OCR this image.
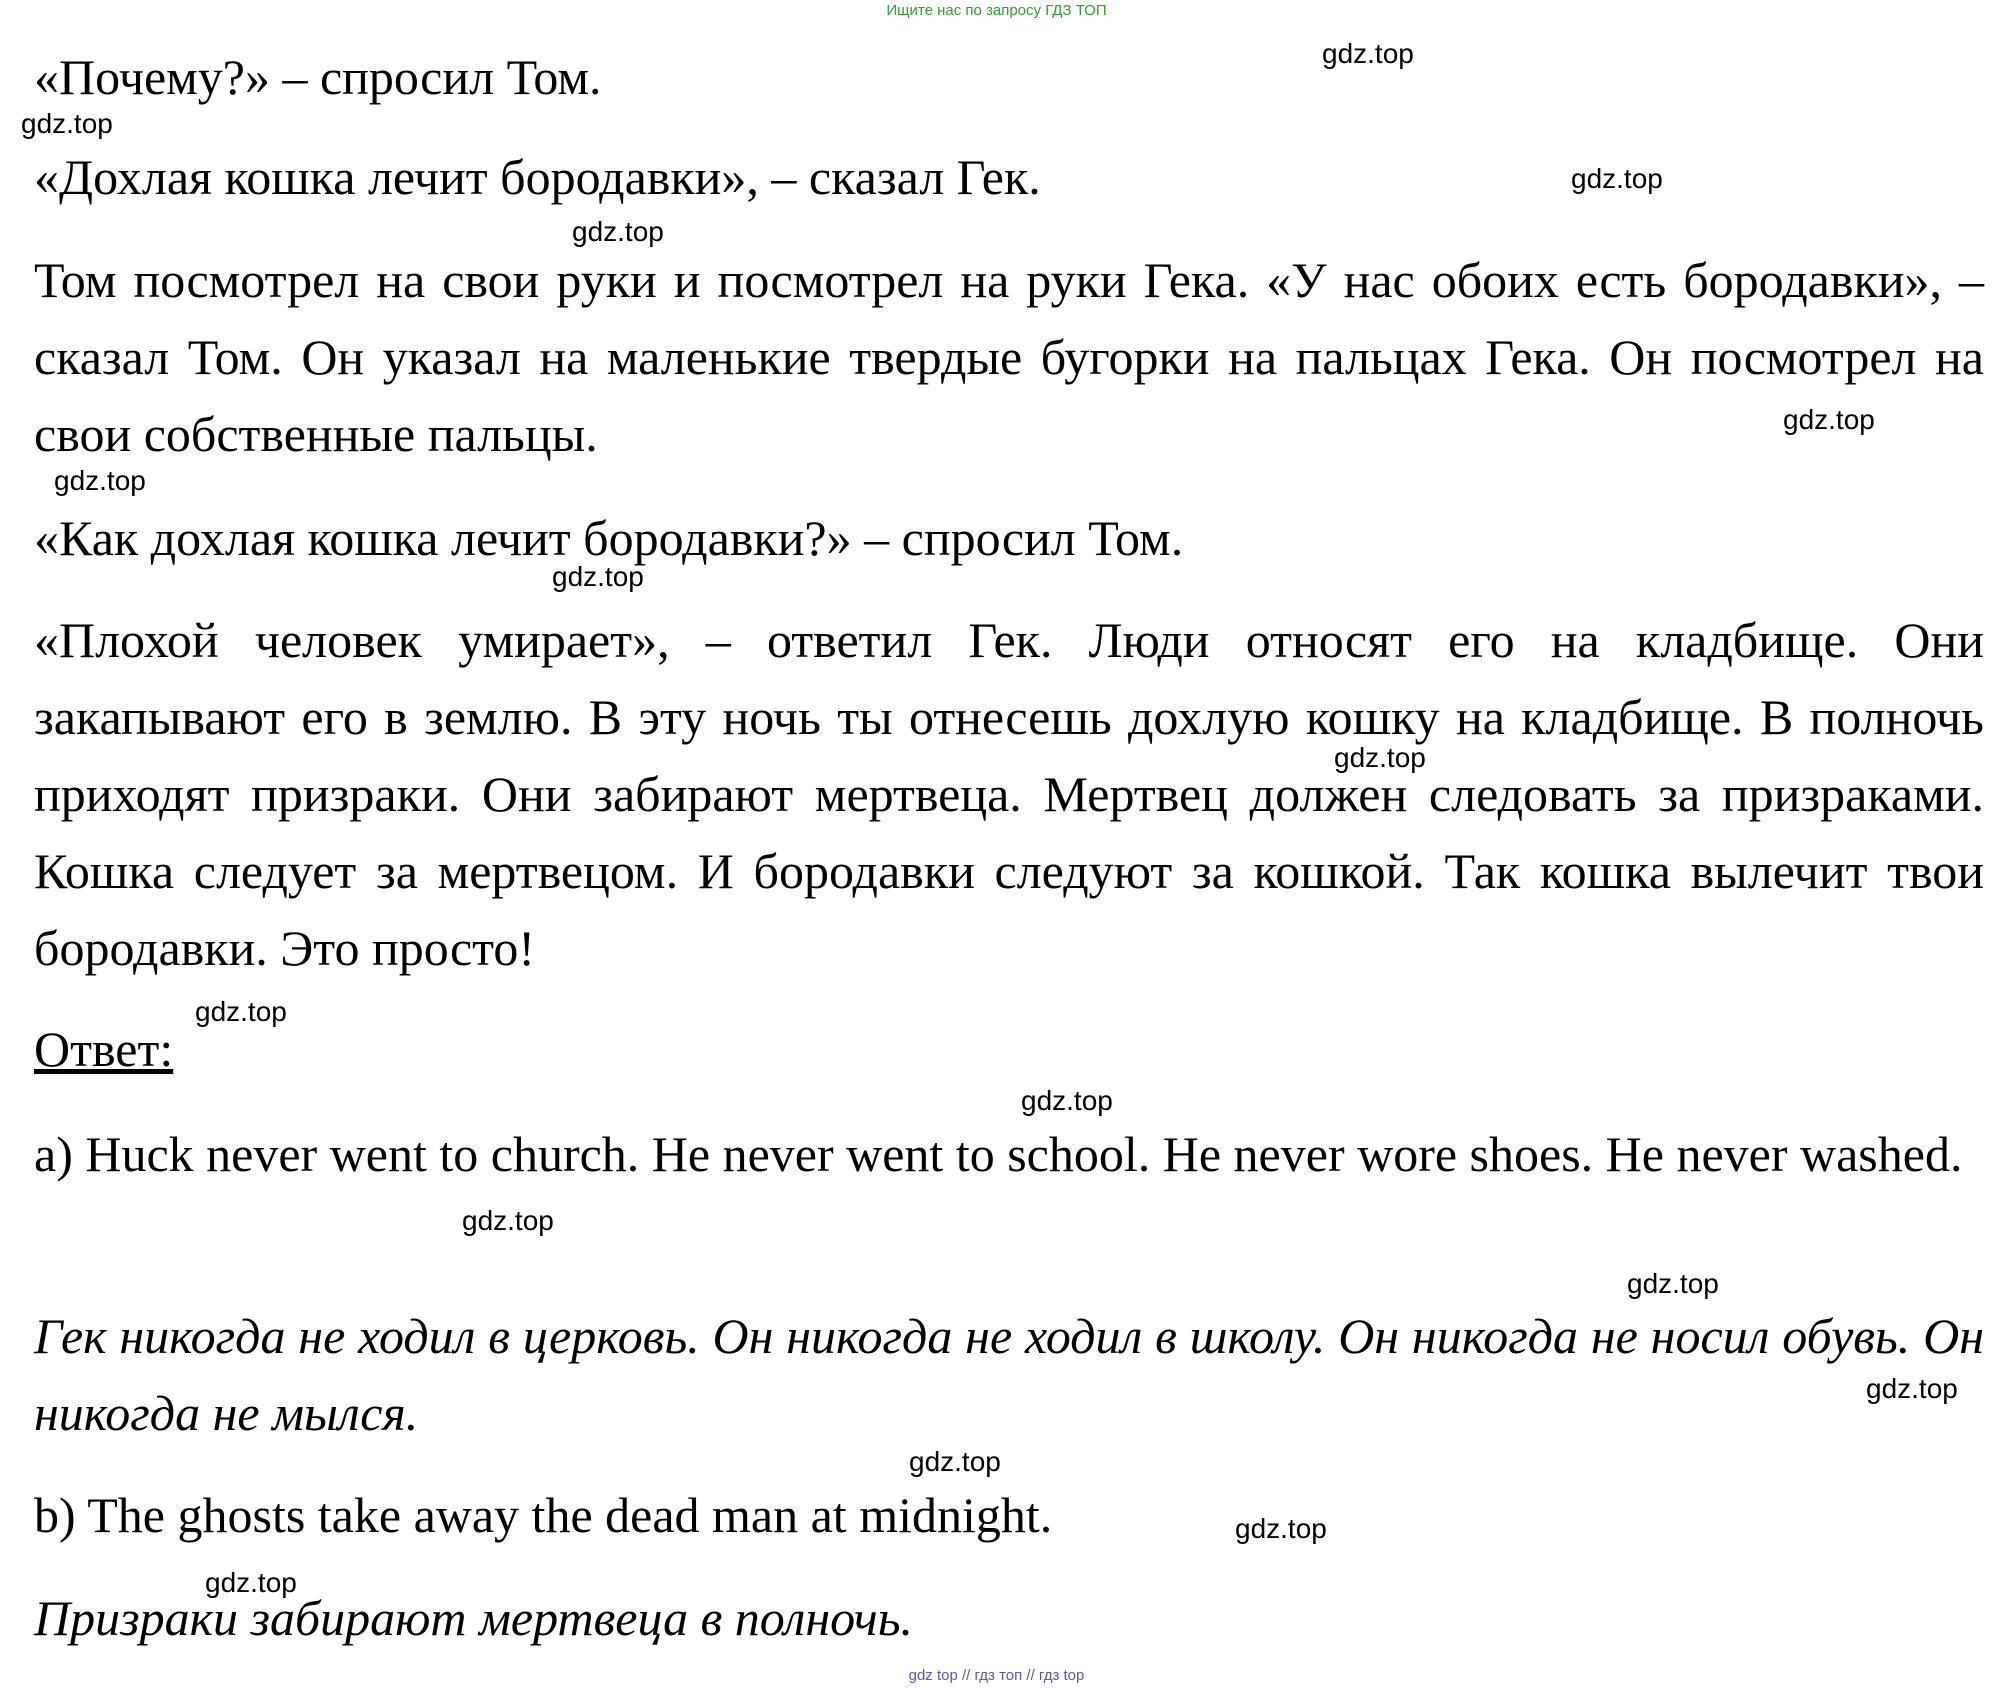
Ищите нас по запросу ГДЗ ТОП
«Почему?» – спросил Том.
«Дохлая кошка лечит бородавки», – сказал Гек.
Том посмотрел на свои руки и посмотрел на руки Гека. «У нас обоих есть бородавки», – сказал Том. Он указал на маленькие твердые бугорки на пальцах Гека. Он посмотрел на свои собственные пальцы.
«Как дохлая кошка лечит бородавки?» – спросил Том.
«Плохой человек умирает», – ответил Гек. Люди относят его на кладбище. Они закапывают его в землю. В эту ночь ты отнесешь дохлую кошку на кладбище. В полночь приходят призраки. Они забирают мертвеца. Мертвец должен следовать за призраками. Кошка следует за мертвецом. И бородавки следуют за кошкой. Так кошка вылечит твои бородавки. Это просто!
Ответ:
a) Huck never went to church. He never went to school. He never wore shoes. He never washed.
Гек никогда не ходил в церковь. Он никогда не ходил в школу. Он никогда не носил обувь. Он никогда не мылся.
b) The ghosts take away the dead man at midnight.
Призраки забирают мертвеца в полночь.
gdz.top
gdz.top
gdz.top
gdz.top
gdz.top
gdz.top
gdz.top
gdz.top
gdz.top
gdz.top
gdz.top
gdz.top
gdz.top
gdz.top
gdz.top
gdz.top
gdz top // гдз топ // гдз top
